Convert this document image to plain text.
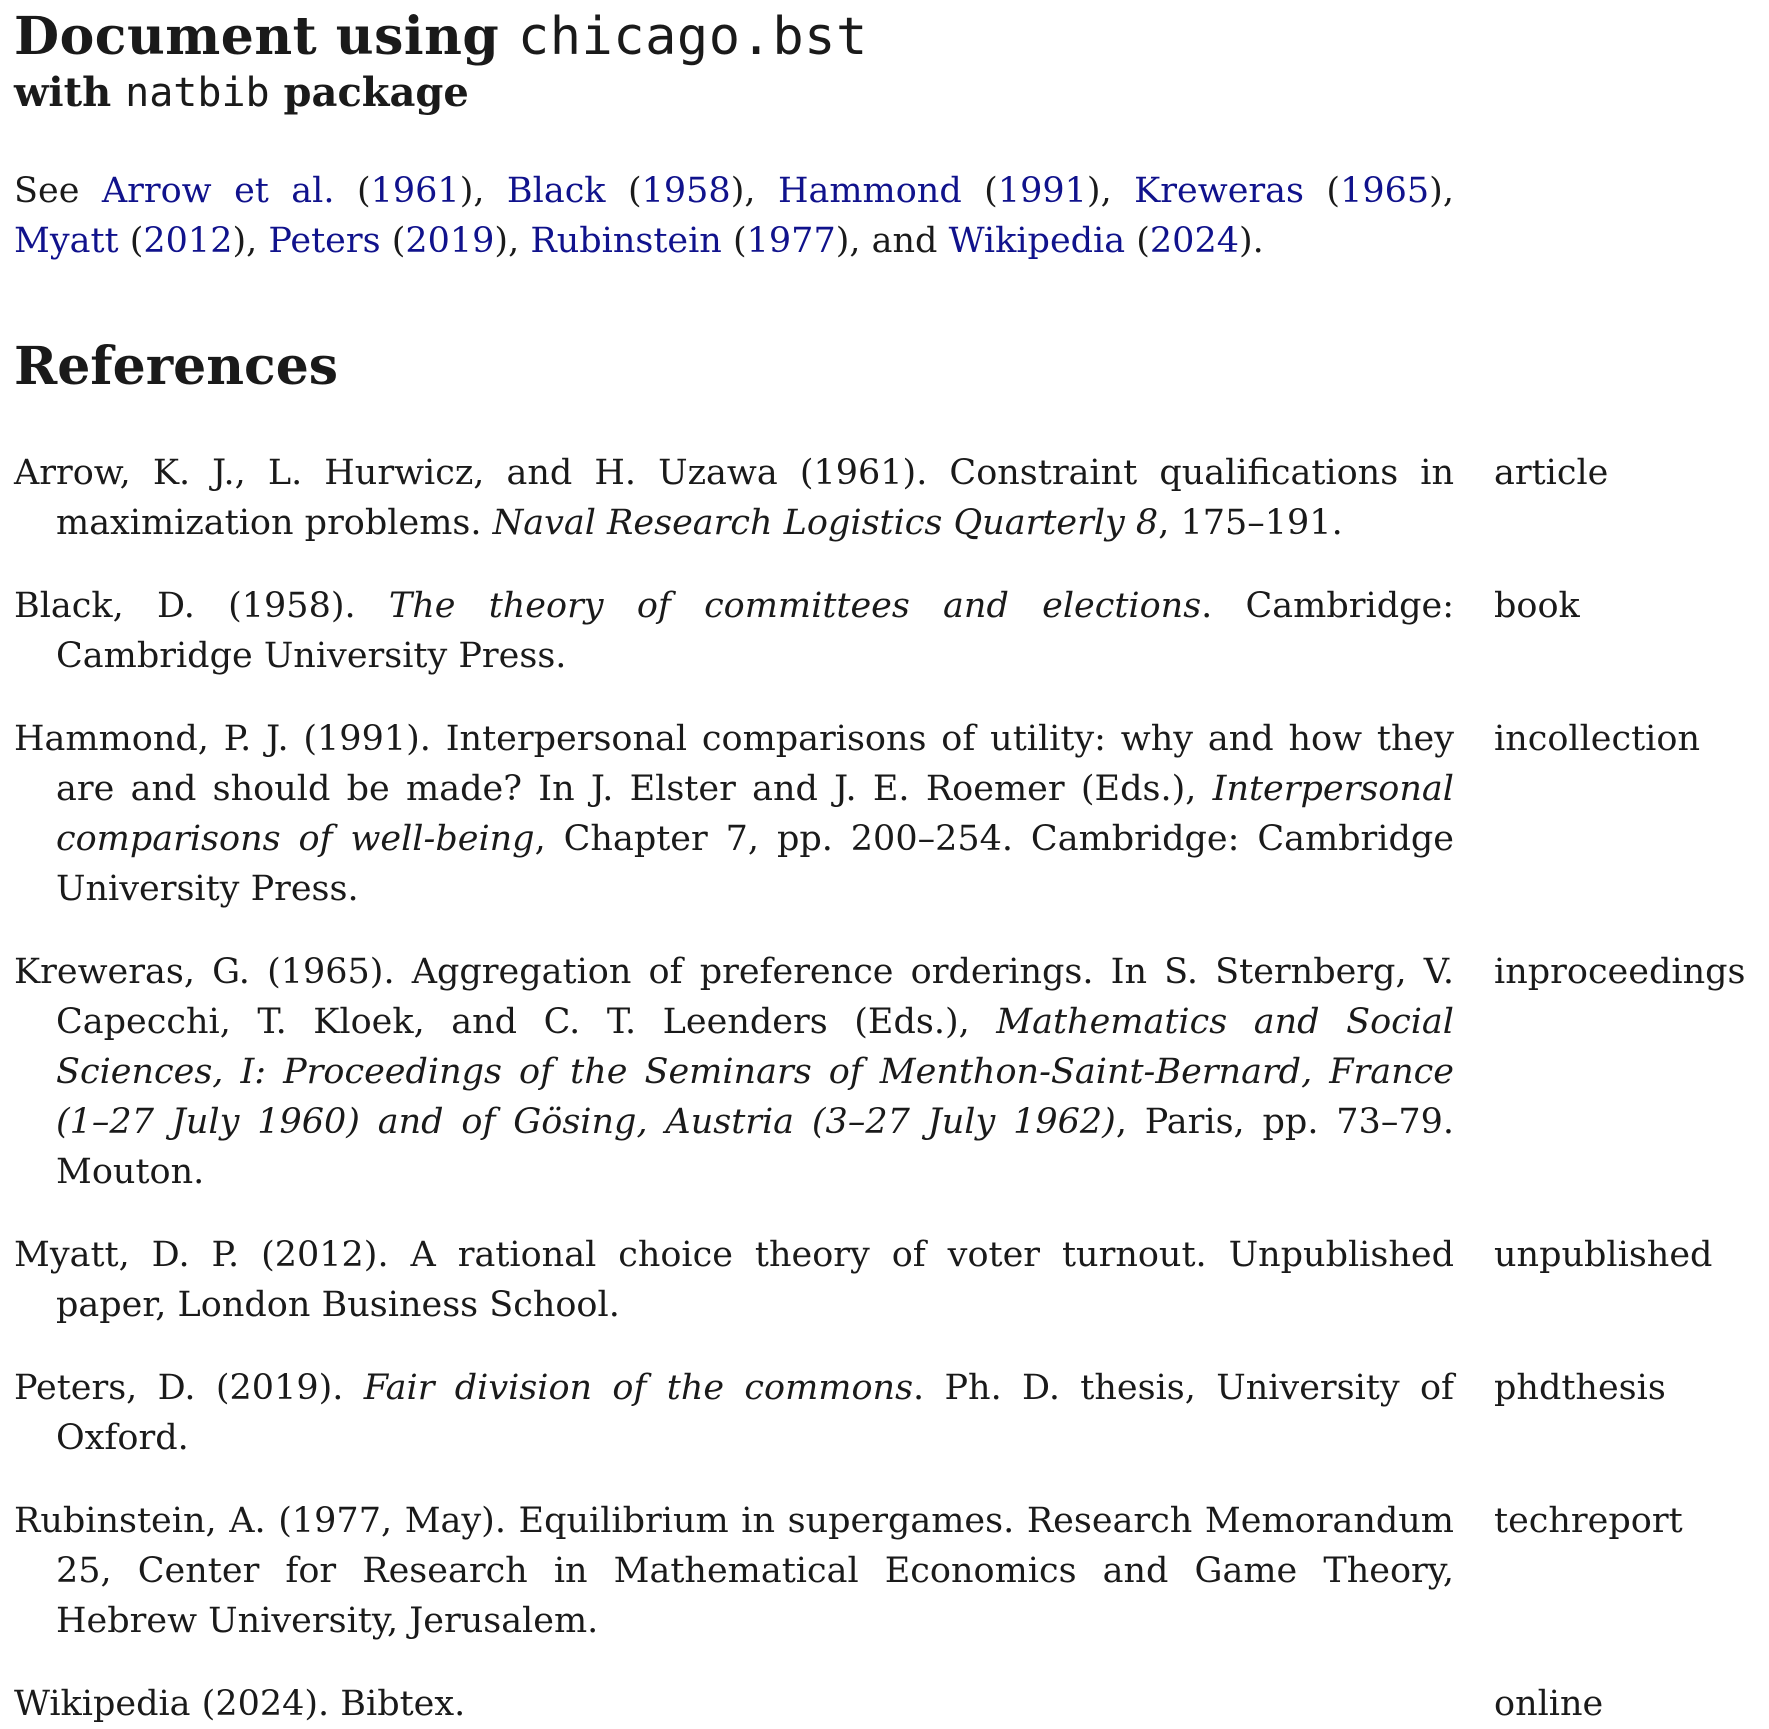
Document using chicago.bst
with natbib package

See Arrow et al. (1961), Black (1958), Hammond (1991), Kreweras (1965), Myatt (2012), Peters (2019), Rubinstein (1977), and Wikipedia (2024).

References
Arrow, K. J., L. Hurwicz, and H. Uzawa (1961). Constraint qualifications in maximization problems. Naval Research Logistics Quarterly 8, 175–191.
article
Black, D. (1958). The theory of committees and elections. Cambridge: Cambridge University Press.
book
Hammond, P. J. (1991). Interpersonal comparisons of utility: why and how they are and should be made? In J. Elster and J. E. Roemer (Eds.), Interpersonal comparisons of well-being, Chapter 7, pp. 200–254. Cambridge: Cambridge University Press.
incollection
Kreweras, G. (1965). Aggregation of preference orderings. In S. Sternberg, V. Capecchi, T. Kloek, and C. T. Leenders (Eds.), Mathematics and Social Sciences, I: Proceedings of the Seminars of Menthon-Saint-Bernard, France (1–27 July 1960) and of Gösing, Austria (3–27 July 1962), Paris, pp. 73–79. Mouton.
inproceedings
Myatt, D. P. (2012). A rational choice theory of voter turnout. Unpublished paper, London Business School.
unpublished
Peters, D. (2019). Fair division of the commons. Ph. D. thesis, University of Oxford.
phdthesis
Rubinstein, A. (1977, May). Equilibrium in supergames. Research Memorandum 25, Center for Research in Mathematical Economics and Game Theory, Hebrew University, Jerusalem.
techreport
Wikipedia (2024). Bibtex.	online
